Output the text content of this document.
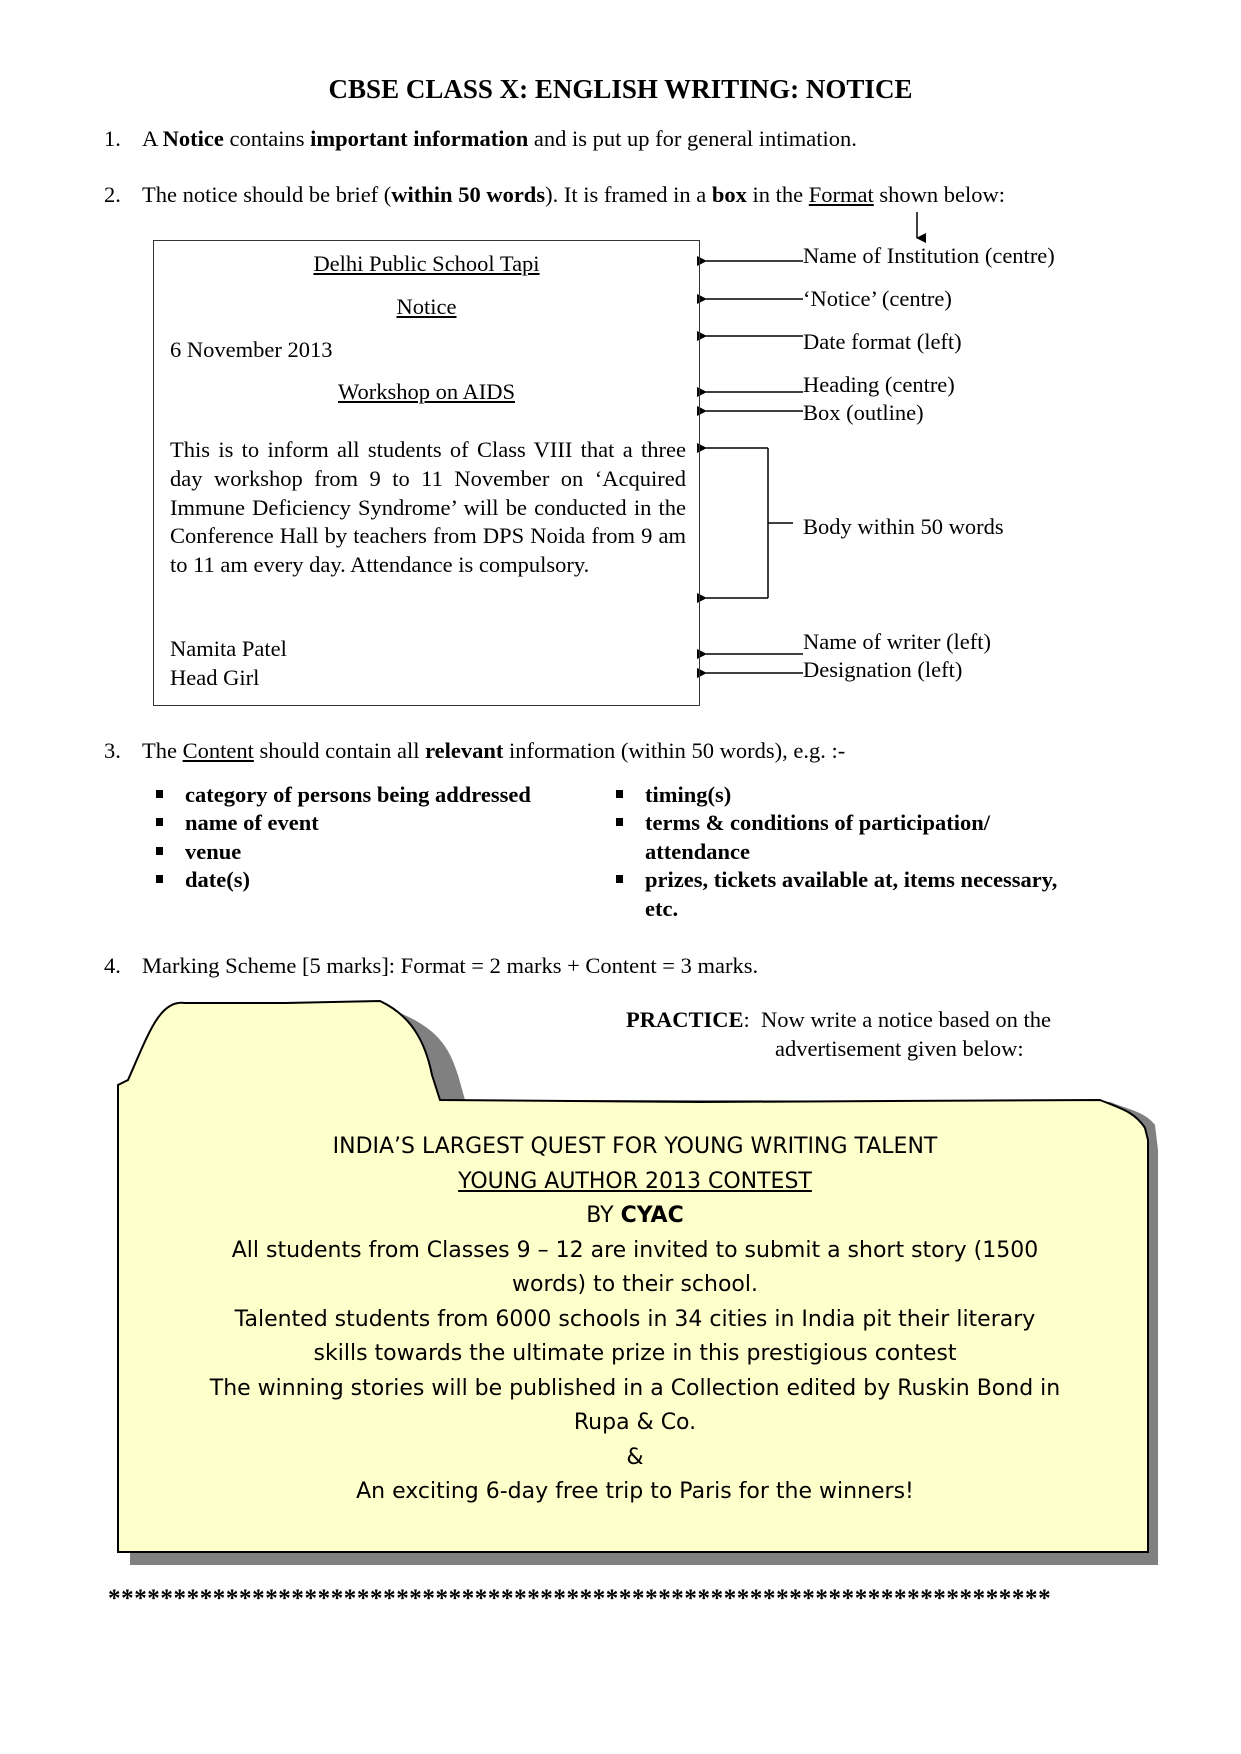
CBSE CLASS X: ENGLISH WRITING: NOTICE
1. A Notice contains important information and is put up for general intimation.
2. The notice should be brief (within 50 words). It is framed in a box in the Format shown below:
Delhi Public School Tapi
Notice
6 November 2013
Workshop on AIDS
This is to inform all students of Class VIII that a three day workshop from 9 to 11 November on ‘Acquired Immune Deficiency Syndrome’ will be conducted in the Conference Hall by teachers from DPS Noida from 9 am to 11 am every day. Attendance is compulsory.
Namita Patel
Head Girl
Name of Institution (centre)
‘Notice’ (centre)
Date format (left)
Heading (centre)
Box (outline)
Body within 50 words
Name of writer (left)
Designation (left)
3. The Content should contain all relevant information (within 50 words), e.g. :-
category of persons being addressed
name of event
venue
date(s)
timing(s)
terms & conditions of participation/
attendance
prizes, tickets available at, items necessary,
etc.
4. Marking Scheme [5 marks]: Format = 2 marks + Content = 3 marks.
PRACTICE: Now write a notice based on the
advertisement given below:
INDIA’S LARGEST QUEST FOR YOUNG WRITING TALENT
YOUNG AUTHOR 2013 CONTEST
BY CYAC
All students from Classes 9 – 12 are invited to submit a short story (1500
words) to their school.
Talented students from 6000 schools in 34 cities in India pit their literary
skills towards the ultimate prize in this prestigious contest
The winning stories will be published in a Collection edited by Ruskin Bond in
Rupa & Co.
&
An exciting 6-day free trip to Paris for the winners!
************************************************************************
